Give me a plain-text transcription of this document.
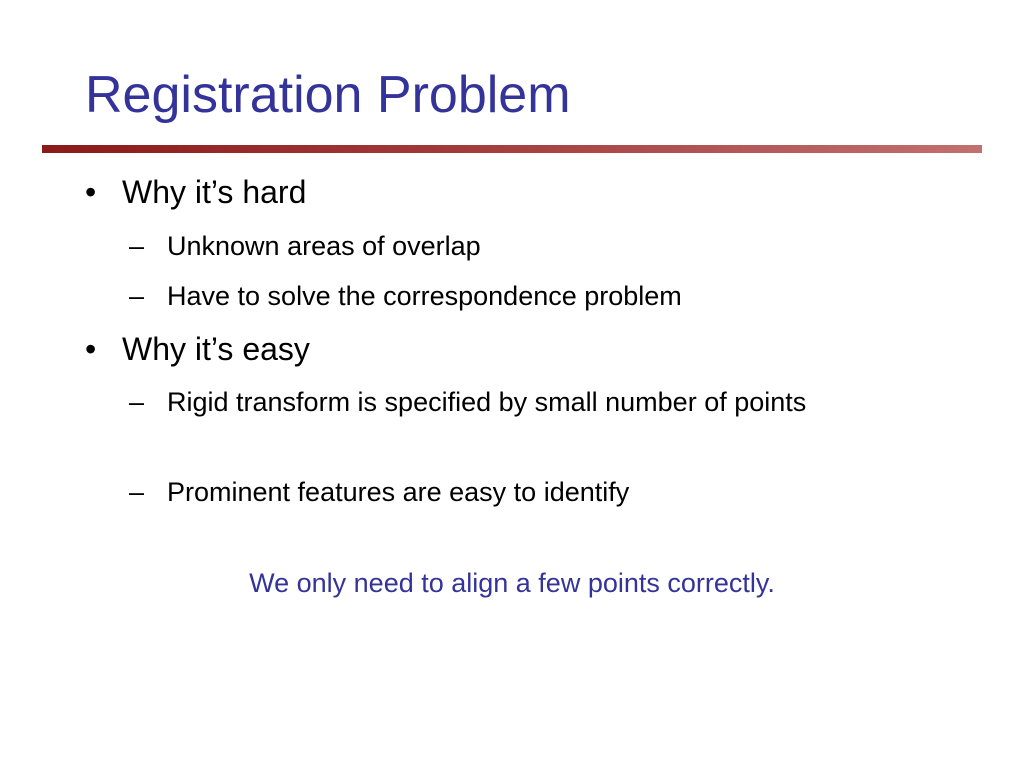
Registration Problem
• Why it’s hard
– Unknown areas of overlap
– Have to solve the correspondence problem
• Why it’s easy
– Rigid transform is specified by small number of points
– Prominent features are easy to identify
We only need to align a few points correctly.
